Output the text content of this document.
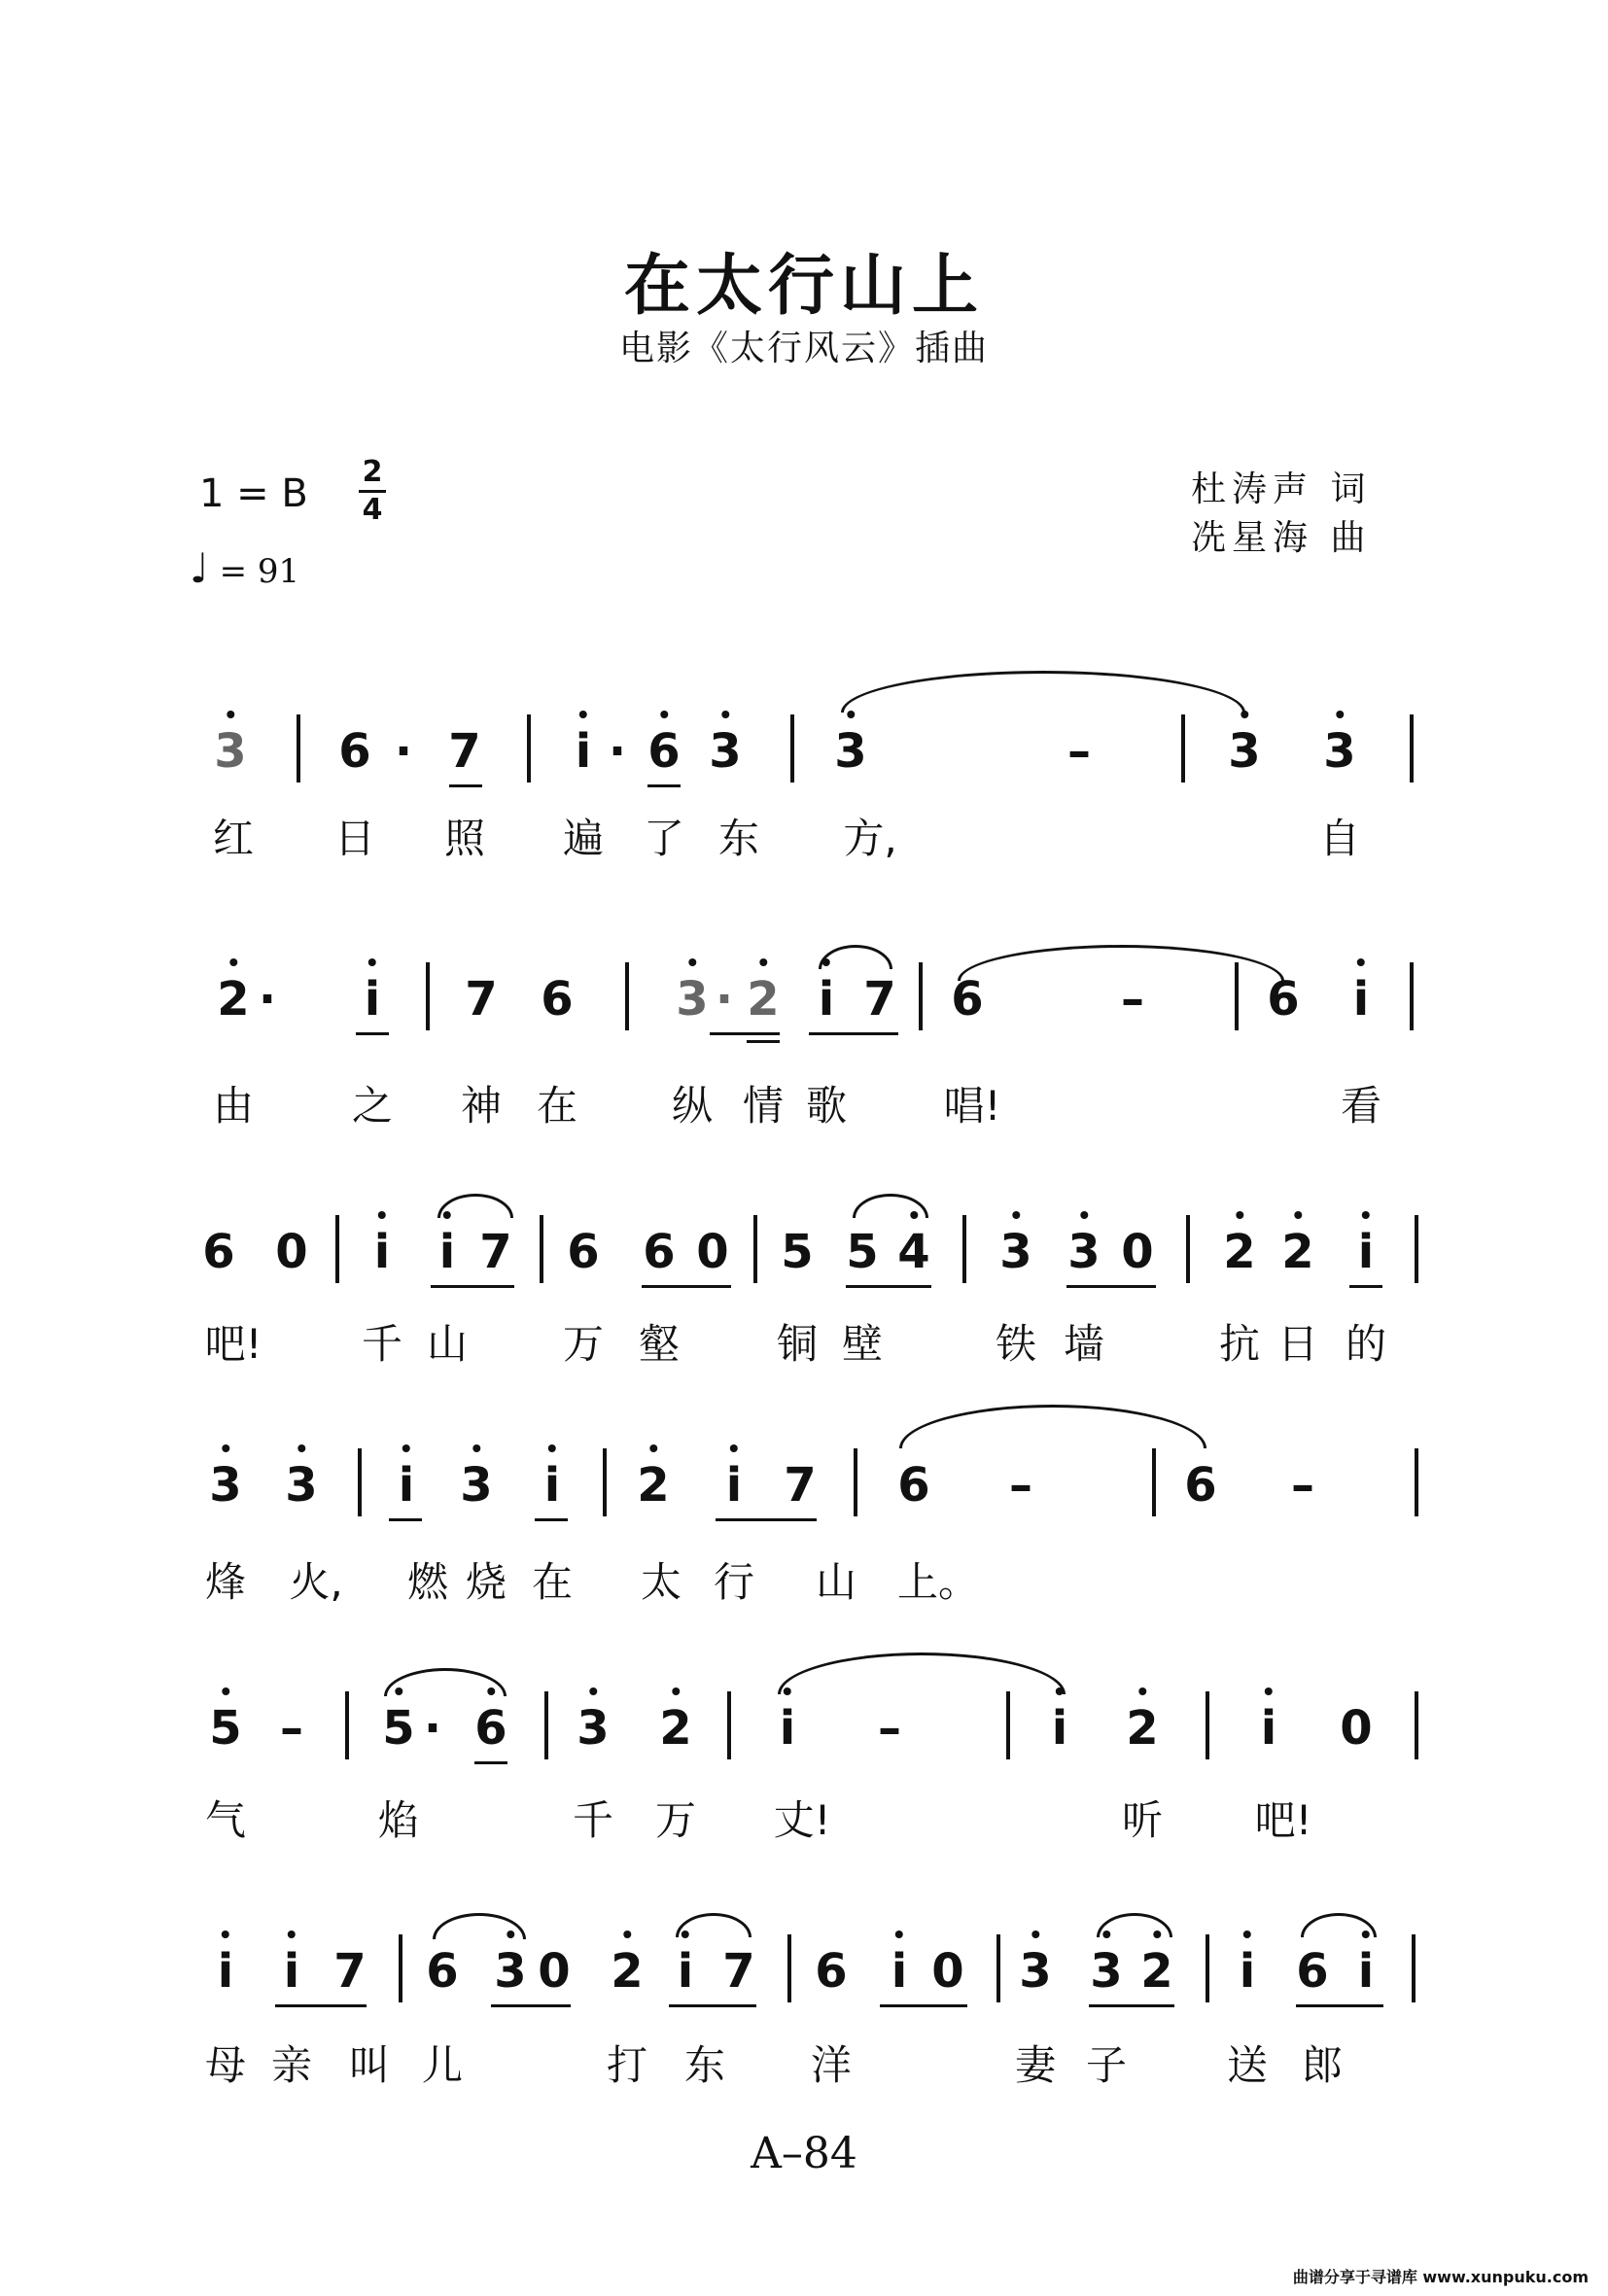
在太行山上
电影《太行风云》插曲
1 = B 2
4
♩ = 91
杜涛声 词
冼星海 曲
3 6 · 7 i · 6 3 3	–	3 3
红 日 照 遍 了 东 方,	自
2 · i 7 6 3 · 2 i 7 6	–	6 i
由 之 神 在 纵 情 歌 唱!	看
6 0 i i 7 6 6 0 5 5 4 3 3 0 2 2 i
吧! 千 山 万 壑 铜 壁	铁 墙	抗 日 的
3 3 i 3 i 2 i 7 6 –	6 –
烽 火, 燃 烧 在 太 行 山 上。
5 – 5 · 6 3 2 i –	i 2 i 0
气	焰	千 万 丈!	听 吧!
i i 7 6 3 0 2 i 7 6 i 0 3 3 2 i 6 i
母 亲 叫 儿	打 东 洋	妻 子 送 郎
A–84
曲谱分享于寻谱库 www.xunpuku.com
